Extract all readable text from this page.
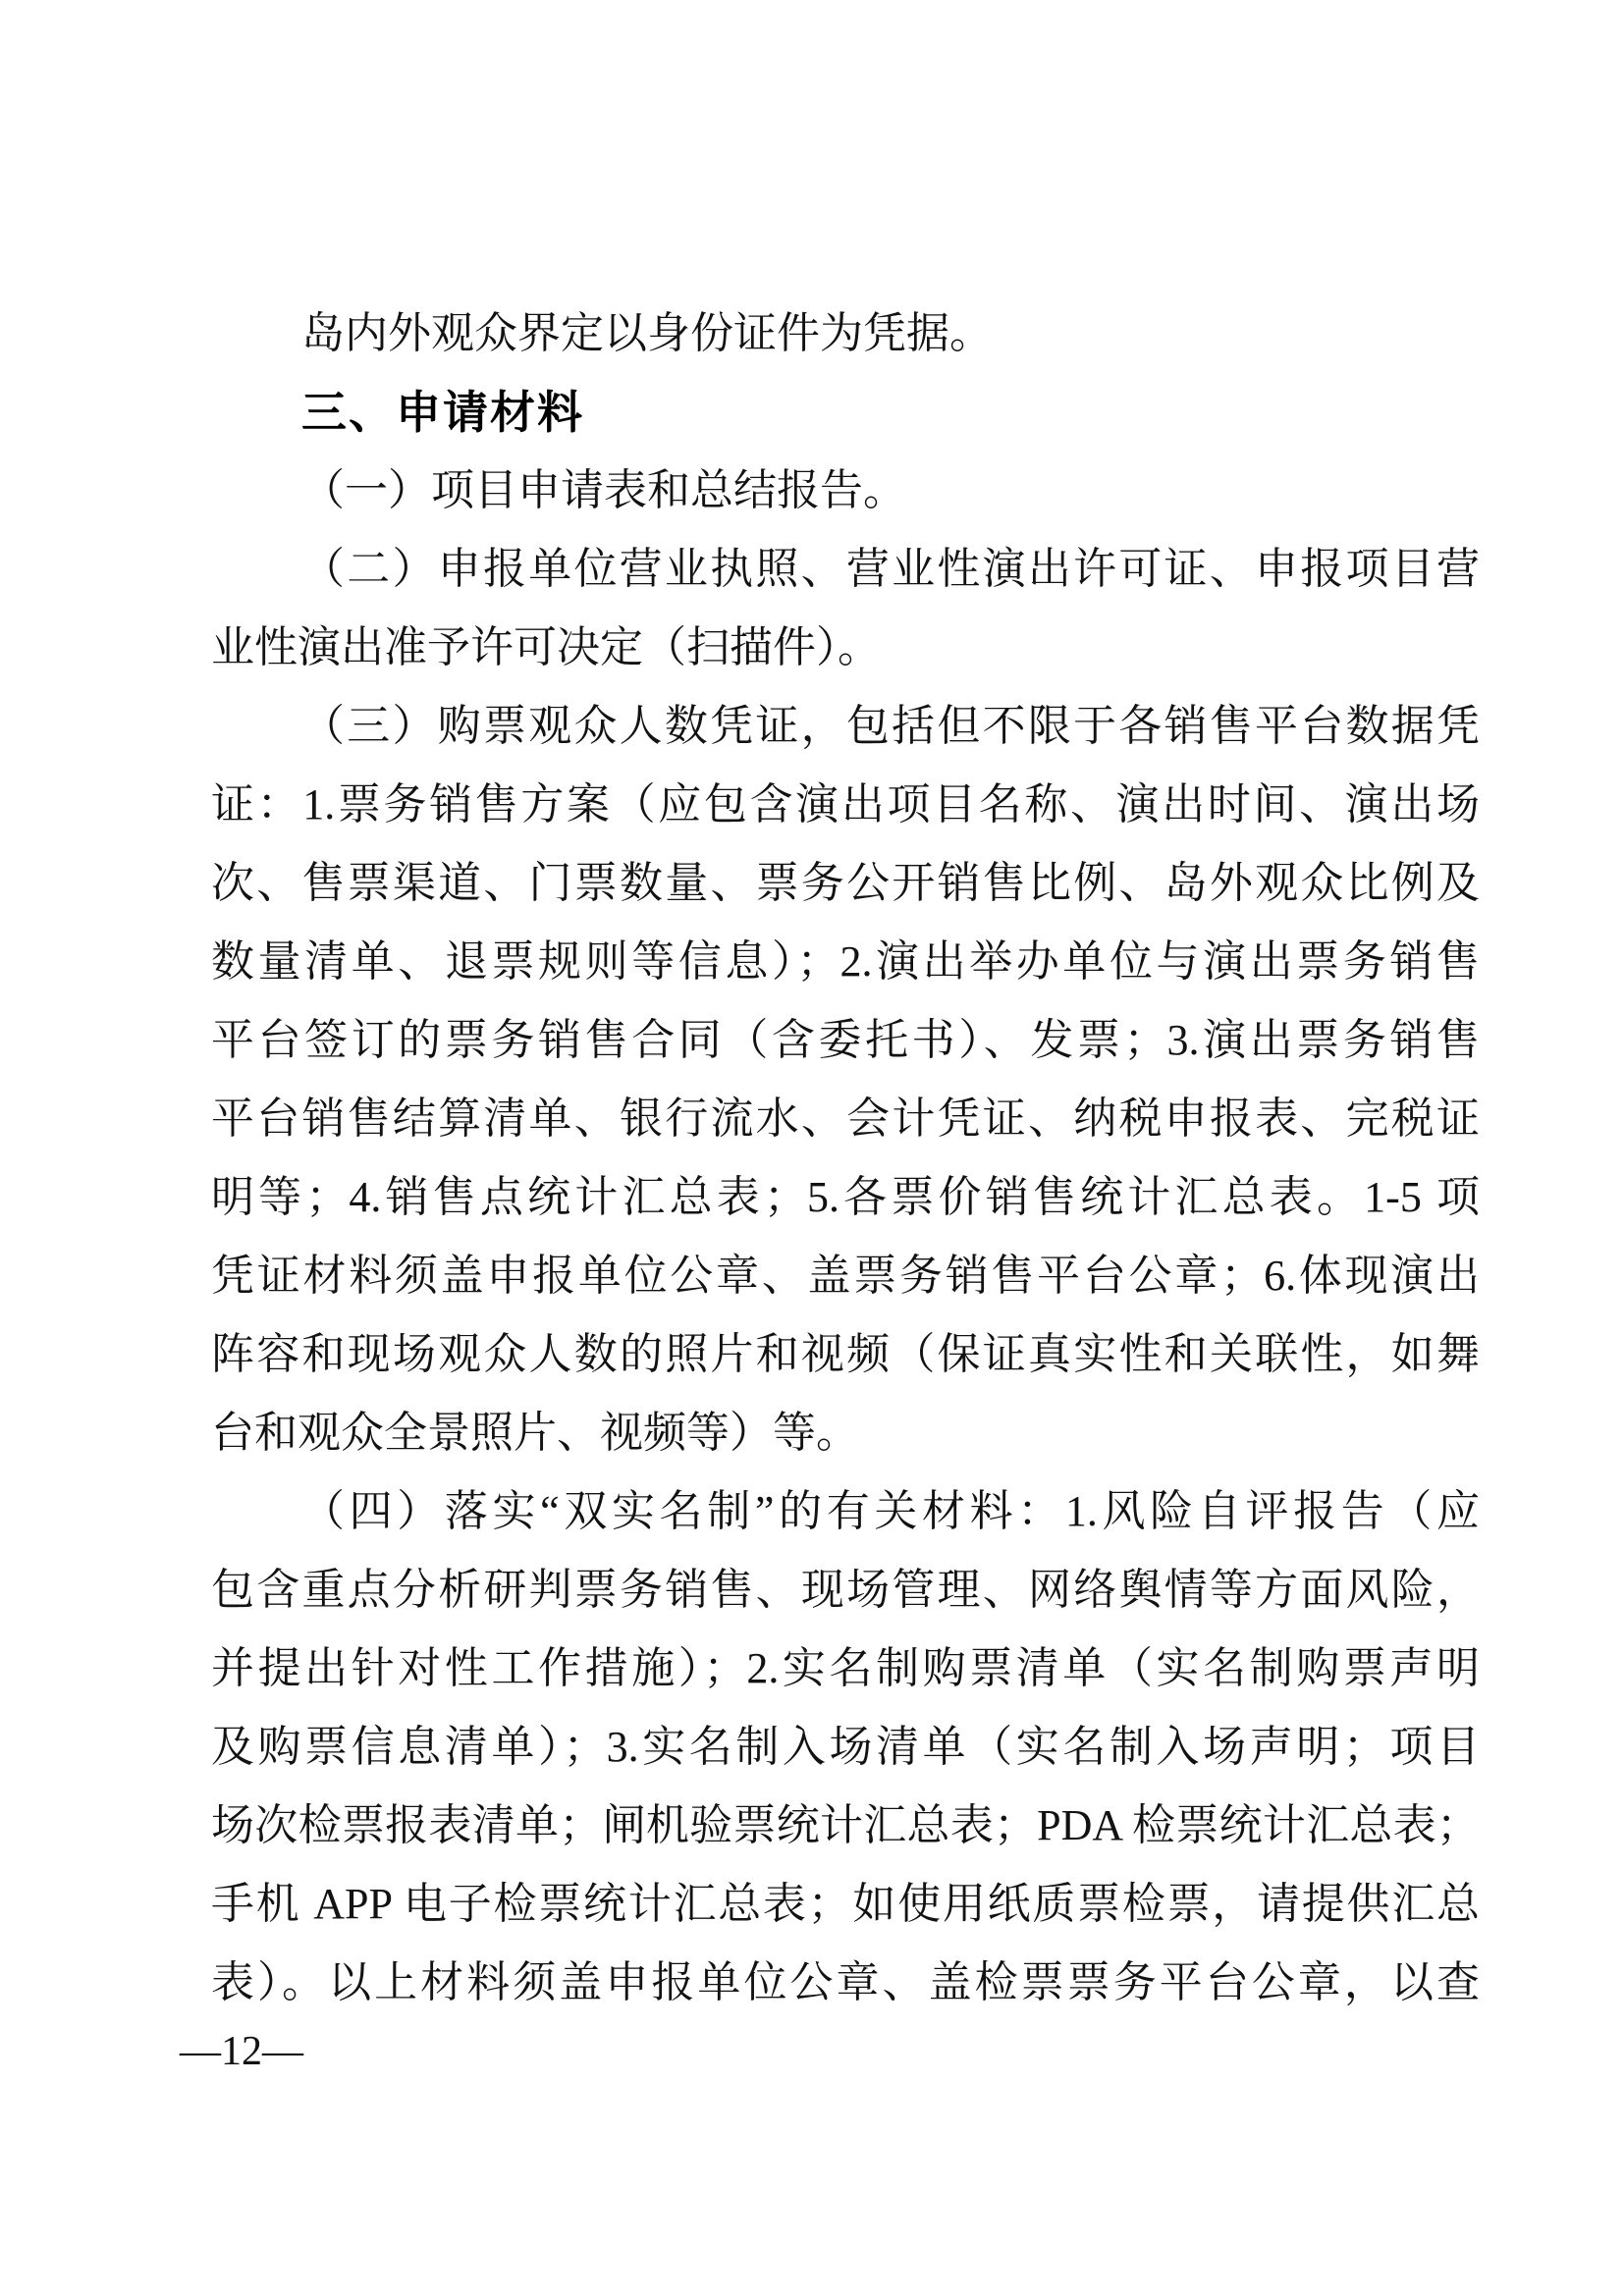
岛内外观众界定以身份证件为凭据。
三、申请材料
（一）项目申请表和总结报告。
（二）申报单位营业执照、营业性演出许可证、申报项目营
业性演出准予许可决定（扫描件）。
（三）购票观众人数凭证，包括但不限于各销售平台数据凭
证：1.票务销售方案（应包含演出项目名称、演出时间、演出场
次、售票渠道、门票数量、票务公开销售比例、岛外观众比例及
数量清单、退票规则等信息）；2.演出举办单位与演出票务销售
平台签订的票务销售合同（含委托书）、发票；3.演出票务销售
平台销售结算清单、银行流水、会计凭证、纳税申报表、完税证
明等；4.销售点统计汇总表；5.各票价销售统计汇总表。1-5 项
凭证材料须盖申报单位公章、盖票务销售平台公章；6.体现演出
阵容和现场观众人数的照片和视频（保证真实性和关联性，如舞
台和观众全景照片、视频等）等。
（四）落实“双实名制”的有关材料：1.风险自评报告（应
包含重点分析研判票务销售、现场管理、网络舆情等方面风险，
并提出针对性工作措施）；2.实名制购票清单（实名制购票声明
及购票信息清单）；3.实名制入场清单（实名制入场声明；项目
场次检票报表清单；闸机验票统计汇总表；PDA 检票统计汇总表；
手机 APP 电子检票统计汇总表；如使用纸质票检票，请提供汇总
表）。以上材料须盖申报单位公章、盖检票票务平台公章，以查
—12—
